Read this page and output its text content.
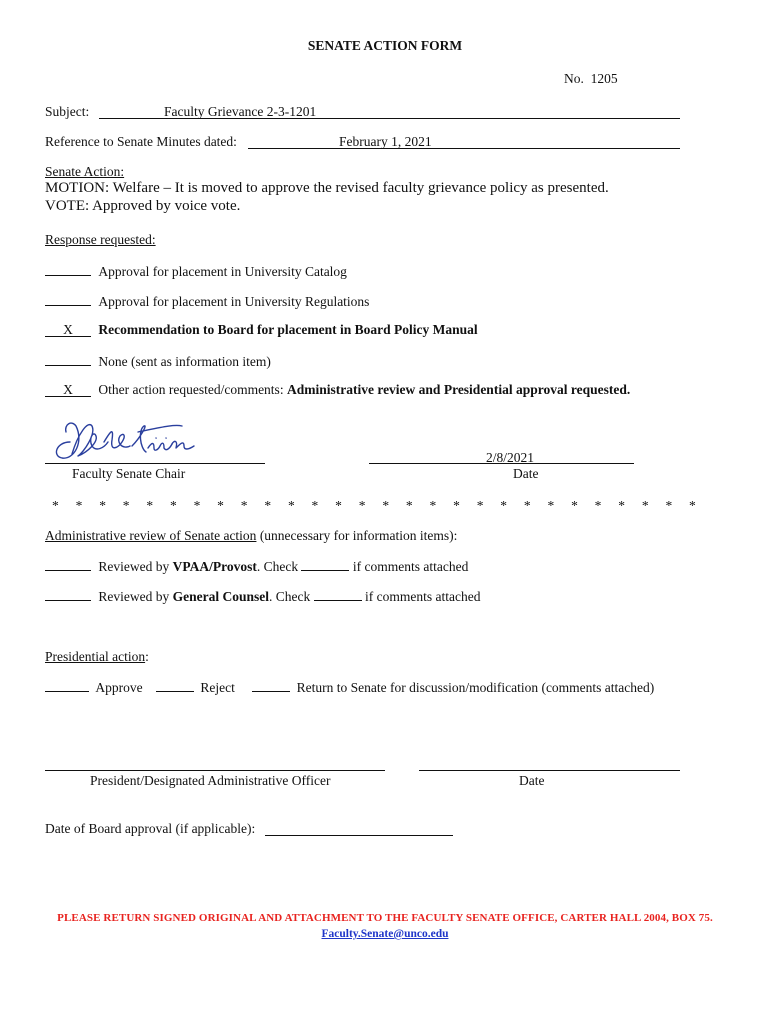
SENATE ACTION FORM
No. 1205
Subject:	Faculty Grievance 2-3-1201
Reference to Senate Minutes dated:	February 1, 2021
Senate Action:
MOTION: Welfare – It is moved to approve the revised faculty grievance policy as presented.
VOTE: Approved by voice vote.
Response requested:
Approval for placement in University Catalog
Approval for placement in University Regulations
X Recommendation to Board for placement in Board Policy Manual
None (sent as information item)
X Other action requested/comments: Administrative review and Presidential approval requested.
Faculty Senate Chair
2/8/2021
Date
* * * * * * * * * * * * * * * * * * * * * * * * * * * *
Administrative review of Senate action (unnecessary for information items):
Reviewed by VPAA/Provost. Check	if comments attached
Reviewed by General Counsel. Check	if comments attached
Presidential action:
Approve	Reject	Return to Senate for discussion/modification (comments attached)
President/Designated Administrative Officer	Date
Date of Board approval (if applicable):
PLEASE RETURN SIGNED ORIGINAL AND ATTACHMENT TO THE FACULTY SENATE OFFICE, CARTER HALL 2004, BOX 75.
Faculty.Senate@unco.edu
